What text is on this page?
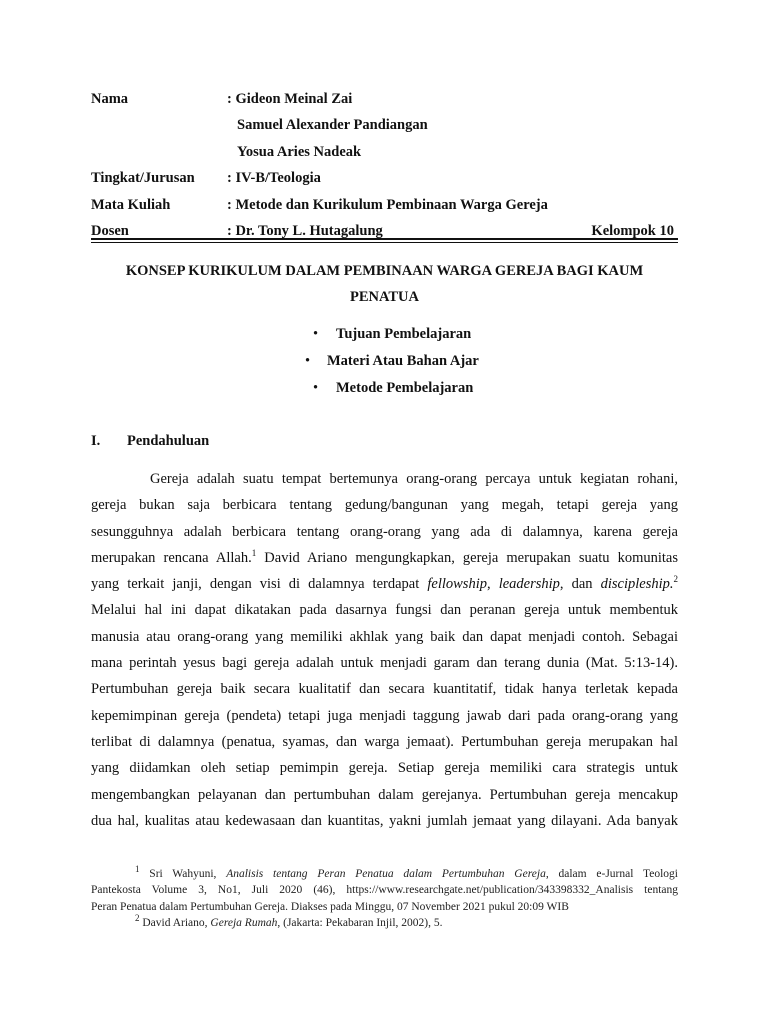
Nama	: Gideon Meinal Zai
Samuel Alexander Pandiangan
Yosua Aries Nadeak
Tingkat/Jurusan : IV-B/Teologia
Mata Kuliah	: Metode dan Kurikulum Pembinaan Warga Gereja
Dosen	: Dr. Tony L. Hutagalung	Kelompok 10
KONSEP KURIKULUM DALAM PEMBINAAN WARGA GEREJA BAGI KAUM
PENATUA
• Tujuan Pembelajaran
• Materi Atau Bahan Ajar
• Metode Pembelajaran
I. Pendahuluan
Gereja adalah suatu tempat bertemunya orang-orang percaya untuk kegiatan rohani,
gereja bukan saja berbicara tentang gedung/bangunan yang megah, tetapi gereja yang
sesungguhnya adalah berbicara tentang orang-orang yang ada di dalamnya, karena gereja
merupakan rencana Allah.$^1$ David Ariano mengungkapkan, gereja merupakan suatu komunitas
yang terkait janji, dengan visi di dalamnya terdapat fellowship, leadership, dan discipleship.$^2$
Melalui hal ini dapat dikatakan pada dasarnya fungsi dan peranan gereja untuk membentuk
manusia atau orang-orang yang memiliki akhlak yang baik dan dapat menjadi contoh. Sebagai
mana perintah yesus bagi gereja adalah untuk menjadi garam dan terang dunia (Mat. 5:13-14).
Pertumbuhan gereja baik secara kualitatif dan secara kuantitatif, tidak hanya terletak kepada
kepemimpinan gereja (pendeta) tetapi juga menjadi taggung jawab dari pada orang-orang yang
terlibat di dalamnya (penatua, syamas, dan warga jemaat). Pertumbuhan gereja merupakan hal
yang diidamkan oleh setiap pemimpin gereja. Setiap gereja memiliki cara strategis untuk
mengembangkan pelayanan dan pertumbuhan dalam gerejanya. Pertumbuhan gereja mencakup
dua hal, kualitas atau kedewasaan dan kuantitas, yakni jumlah jemaat yang dilayani. Ada banyak
$^1$ Sri Wahyuni, Analisis tentang Peran Penatua dalam Pertumbuhan Gereja, dalam e-Jurnal Teologi
Pantekosta Volume 3, No1, Juli 2020 (46), https://www.researchgate.net/publication/343398332_Analisis tentang
Peran Penatua dalam Pertumbuhan Gereja. Diakses pada Minggu, 07 November 2021 pukul 20:09 WIB
$^2$ David Ariano, Gereja Rumah, (Jakarta: Pekabaran Injil, 2002), 5.
